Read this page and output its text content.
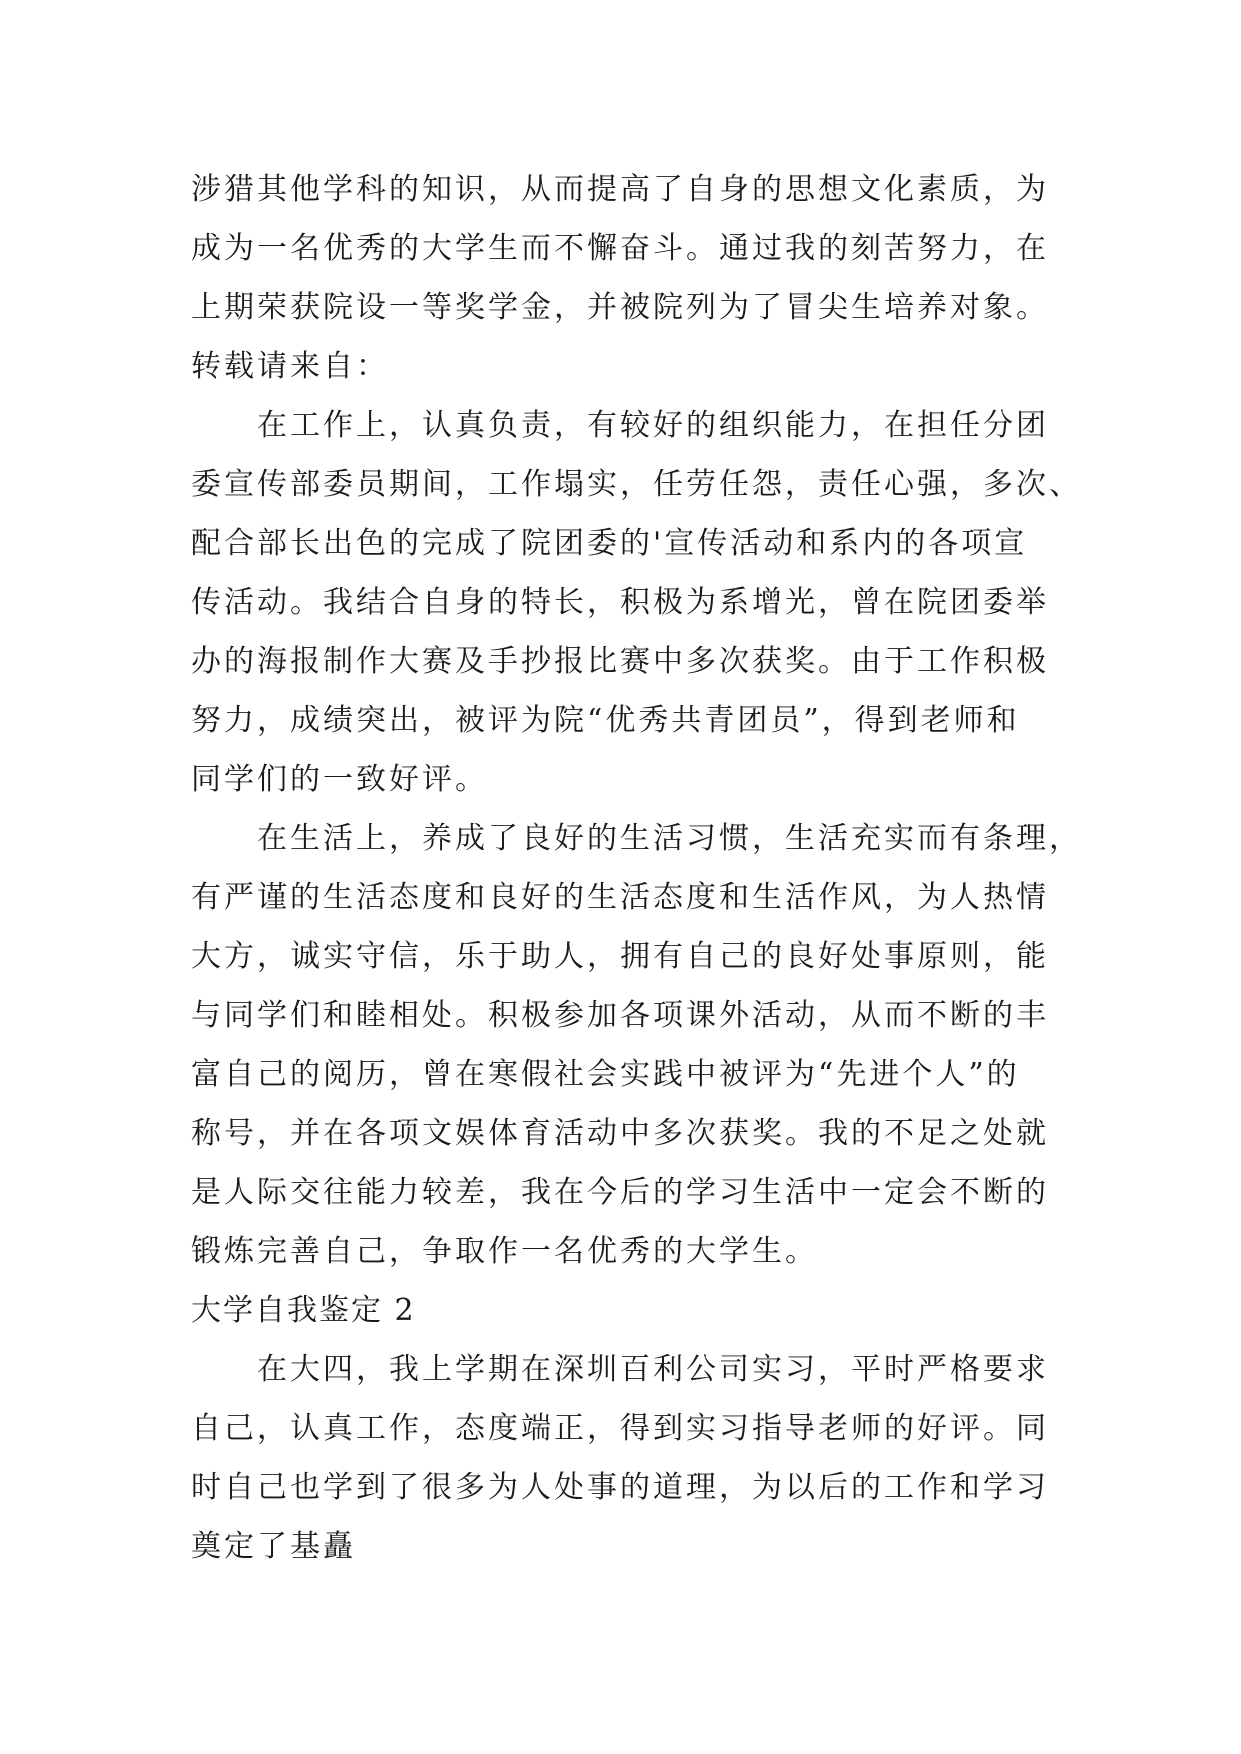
涉猎其他学科的知识，从而提高了自身的思想文化素质，为
成为一名优秀的大学生而不懈奋斗。通过我的刻苦努力，在
上期荣获院设一等奖学金，并被院列为了冒尖生培养对象。
转载请来自：
在工作上，认真负责，有较好的组织能力，在担任分团
委宣传部委员期间，工作塌实，任劳任怨，责任心强，多次、
配合部长出色的完成了院团委的'宣传活动和系内的各项宣
传活动。我结合自身的特长，积极为系增光，曾在院团委举
办的海报制作大赛及手抄报比赛中多次获奖。由于工作积极
努力，成绩突出，被评为院“优秀共青团员”，得到老师和
同学们的一致好评。
在生活上，养成了良好的生活习惯，生活充实而有条理，
有严谨的生活态度和良好的生活态度和生活作风，为人热情
大方，诚实守信，乐于助人，拥有自己的良好处事原则，能
与同学们和睦相处。积极参加各项课外活动，从而不断的丰
富自己的阅历，曾在寒假社会实践中被评为“先进个人”的
称号，并在各项文娱体育活动中多次获奖。我的不足之处就
是人际交往能力较差，我在今后的学习生活中一定会不断的
锻炼完善自己，争取作一名优秀的大学生。
大学自我鉴定 2
在大四，我上学期在深圳百利公司实习，平时严格要求
自己，认真工作，态度端正，得到实习指导老师的好评。同
时自己也学到了很多为人处事的道理，为以后的工作和学习
奠定了基矗
